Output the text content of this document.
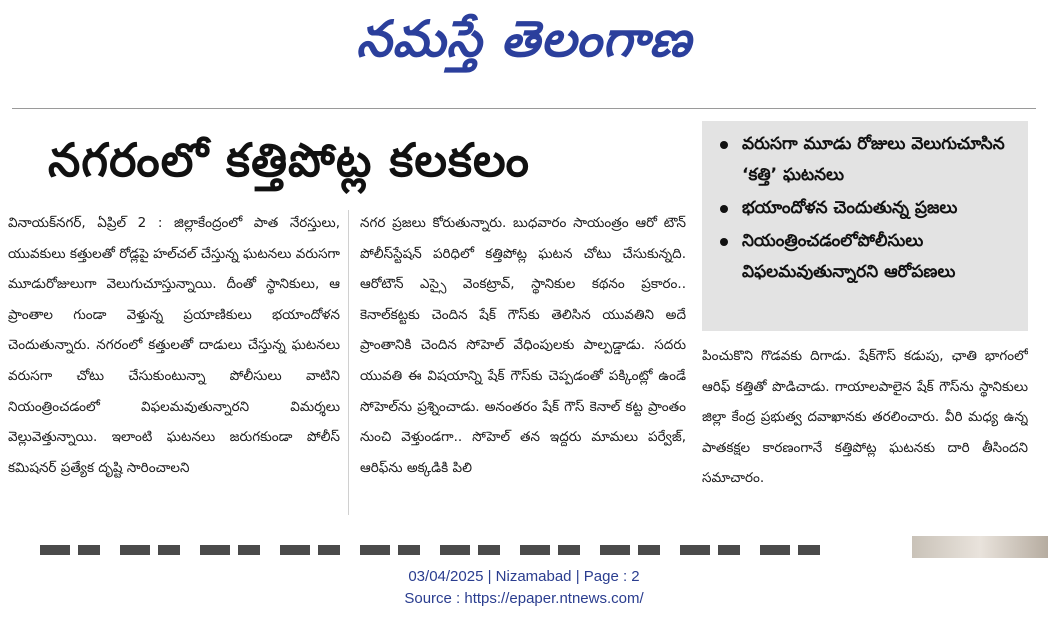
నమస్తే తెలంగాణ
నగరంలో కత్తిపోట్ల కలకలం	వరుసగా మూడు రోజులు వెలుగుచూసిన ‘కత్తి’ ఘటనలు
భయాందోళన చెందుతున్న ప్రజలు
నియంత్రించడంలోపోలీసులు విఫలమవుతున్నారని ఆరోపణలు
వినాయక్‌నగర్, ఏప్రిల్ 2 : జిల్లాకేంద్రంలో పాత నేరస్తులు, యువకులు కత్తులతో రోడ్లపై హల్‌చల్ చేస్తున్న ఘటనలు వరుసగా మూడురోజులుగా వెలుగుచూస్తున్నాయి. దీంతో స్థానికులు, ఆ ప్రాంతాల గుండా వెళ్తున్న ప్రయాణికులు భయాందోళన చెందుతున్నారు. నగరంలో కత్తులతో దాడులు చేస్తున్న ఘటనలు వరుసగా చోటు చేసుకుంటున్నా పోలీసులు వాటిని నియంత్రించడంలో విఫలమవుతున్నారని విమర్శలు వెల్లువెత్తున్నాయి. ఇలాంటి ఘటనలు జరుగకుండా పోలీస్ కమిషనర్ ప్రత్యేక దృష్టి సారించాలని
నగర ప్రజలు కోరుతున్నారు. బుధవారం సాయంత్రం ఆరో టౌన్ పోలీస్‌స్టేషన్ పరిధిలో కత్తిపోట్ల ఘటన చోటు చేసుకున్నది. ఆరోటౌన్ ఎస్సై వెంకట్రావ్, స్థానికుల కథనం ప్రకారం.. కెనాల్‌కట్టకు చెందిన షేక్ గౌస్‌కు తెలిసిన యువతిని అదే ప్రాంతానికి చెందిన సోహెల్ వేధింపులకు పాల్పడ్డాడు. సదరు యువతి ఈ విషయాన్ని షేక్ గౌస్‌కు చెప్పడంతో పక్కింట్లో ఉండే సోహెల్‌ను ప్రశ్నించాడు. అనంతరం షేక్ గౌస్ కెనాల్ కట్ట ప్రాంతం నుంచి వెళ్తుండగా.. సోహెల్ తన ఇద్దరు మామలు పర్వేజ్, ఆరిఫ్‌ను అక్కడికి పిలి
పించుకొని గొడవకు దిగాడు. షేక్‌గౌస్ కడుపు, ఛాతి భాగంలో ఆరిఫ్ కత్తితో పొడిచాడు. గాయాలపాలైన షేక్ గౌస్‌ను స్థానికులు జిల్లా కేంద్ర ప్రభుత్వ దవాఖానకు తరలించారు. వీరి మధ్య ఉన్న పాతకక్షల కారణంగానే కత్తిపోట్ల ఘటనకు దారి తీసిందని సమాచారం.
03/04/2025 | Nizamabad | Page : 2
Source : https://epaper.ntnews.com/
